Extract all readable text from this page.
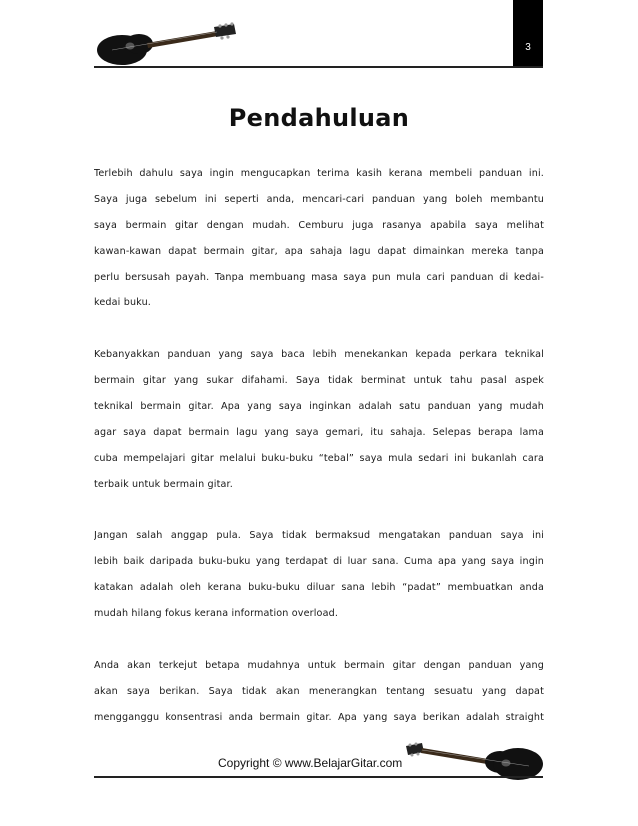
3
Pendahuluan
Terlebih dahulu saya ingin mengucapkan terima kasih kerana membeli panduan ini.
Saya juga sebelum ini seperti anda, mencari-cari panduan yang boleh membantu
saya bermain gitar dengan mudah. Cemburu juga rasanya apabila saya melihat
kawan-kawan dapat bermain gitar, apa sahaja lagu dapat dimainkan mereka tanpa
perlu bersusah payah. Tanpa membuang masa saya pun mula cari panduan di kedai-
kedai buku.
Kebanyakkan panduan yang saya baca lebih menekankan kepada perkara teknikal
bermain gitar yang sukar difahami. Saya tidak berminat untuk tahu pasal aspek
teknikal bermain gitar. Apa yang saya inginkan adalah satu panduan yang mudah
agar saya dapat bermain lagu yang saya gemari, itu sahaja. Selepas berapa lama
cuba mempelajari gitar melalui buku-buku “tebal” saya mula sedari ini bukanlah cara
terbaik untuk bermain gitar.
Jangan salah anggap pula. Saya tidak bermaksud mengatakan panduan saya ini
lebih baik daripada buku-buku yang terdapat di luar sana. Cuma apa yang saya ingin
katakan adalah oleh kerana buku-buku diluar sana lebih “padat” membuatkan anda
mudah hilang fokus kerana information overload.
Anda akan terkejut betapa mudahnya untuk bermain gitar dengan panduan yang
akan saya berikan. Saya tidak akan menerangkan tentang sesuatu yang dapat
mengganggu konsentrasi anda bermain gitar. Apa yang saya berikan adalah straight
Copyright © www.BelajarGitar.com
